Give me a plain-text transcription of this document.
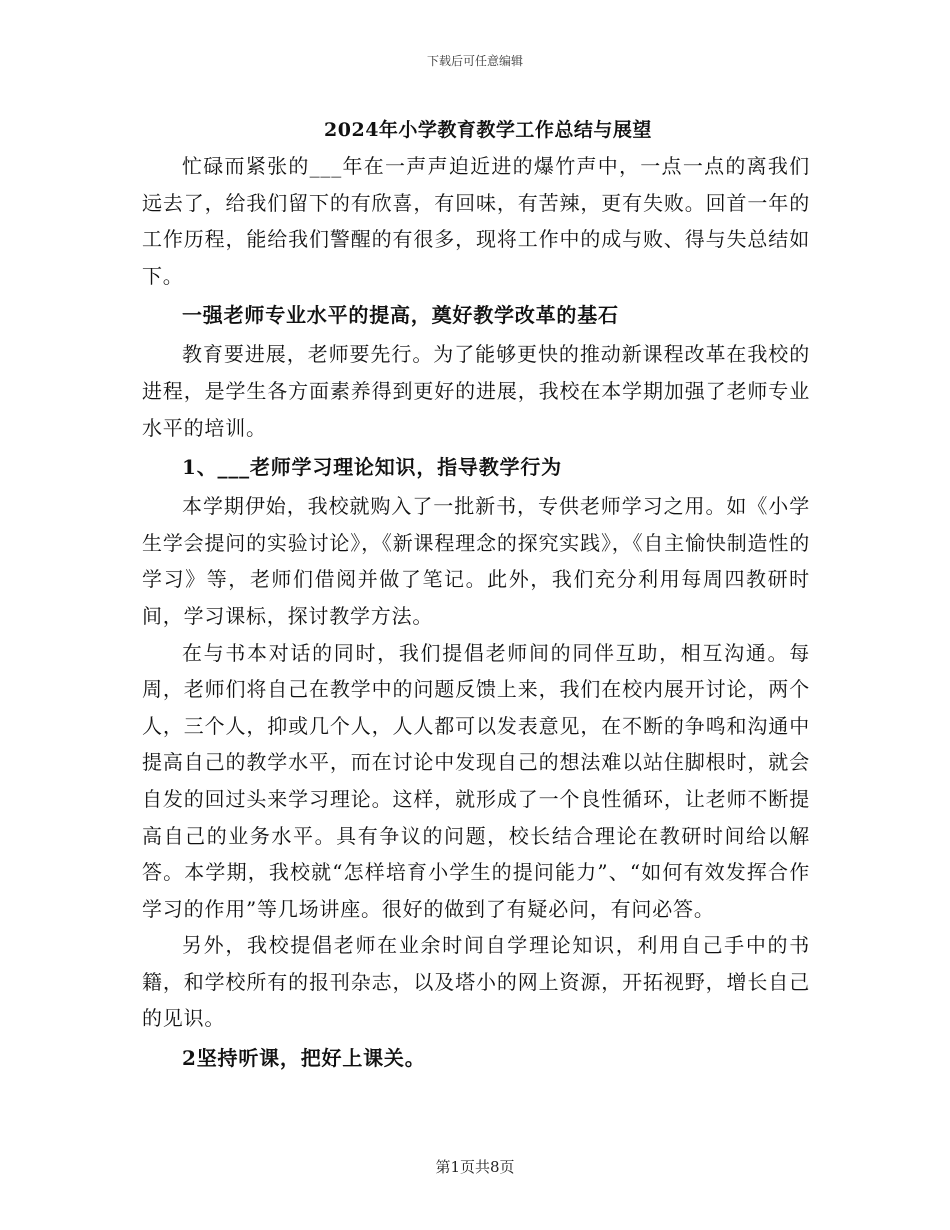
下载后可任意编辑
2024年小学教育教学工作总结与展望

忙碌而紧张的___年在一声声迫近进的爆竹声中，一点一点的离我们远去了，给我们留下的有欣喜，有回味，有苦辣，更有失败。回首一年的工作历程，能给我们警醒的有很多，现将工作中的成与败、得与失总结如下。

一强老师专业水平的提高，奠好教学改革的基石

教育要进展，老师要先行。为了能够更快的推动新课程改革在我校的进程，是学生各方面素养得到更好的进展，我校在本学期加强了老师专业水平的培训。

1、___老师学习理论知识，指导教学行为

本学期伊始，我校就购入了一批新书，专供老师学习之用。如《小学生学会提问的实验讨论》，《新课程理念的探究实践》，《自主愉快制造性的学习》等，老师们借阅并做了笔记。此外，我们充分利用每周四教研时间，学习课标，探讨教学方法。

在与书本对话的同时，我们提倡老师间的同伴互助，相互沟通。每周，老师们将自己在教学中的问题反馈上来，我们在校内展开讨论，两个人，三个人，抑或几个人，人人都可以发表意见，在不断的争鸣和沟通中提高自己的教学水平，而在讨论中发现自己的想法难以站住脚根时，就会自发的回过头来学习理论。这样，就形成了一个良性循环，让老师不断提高自己的业务水平。具有争议的问题，校长结合理论在教研时间给以解答。本学期，我校就“怎样培育小学生的提问能力”、“如何有效发挥合作学习的作用”等几场讲座。很好的做到了有疑必问，有问必答。

另外，我校提倡老师在业余时间自学理论知识，利用自己手中的书籍，和学校所有的报刊杂志，以及塔小的网上资源，开拓视野，增长自己的见识。

2坚持听课，把好上课关。

第1页共8页
